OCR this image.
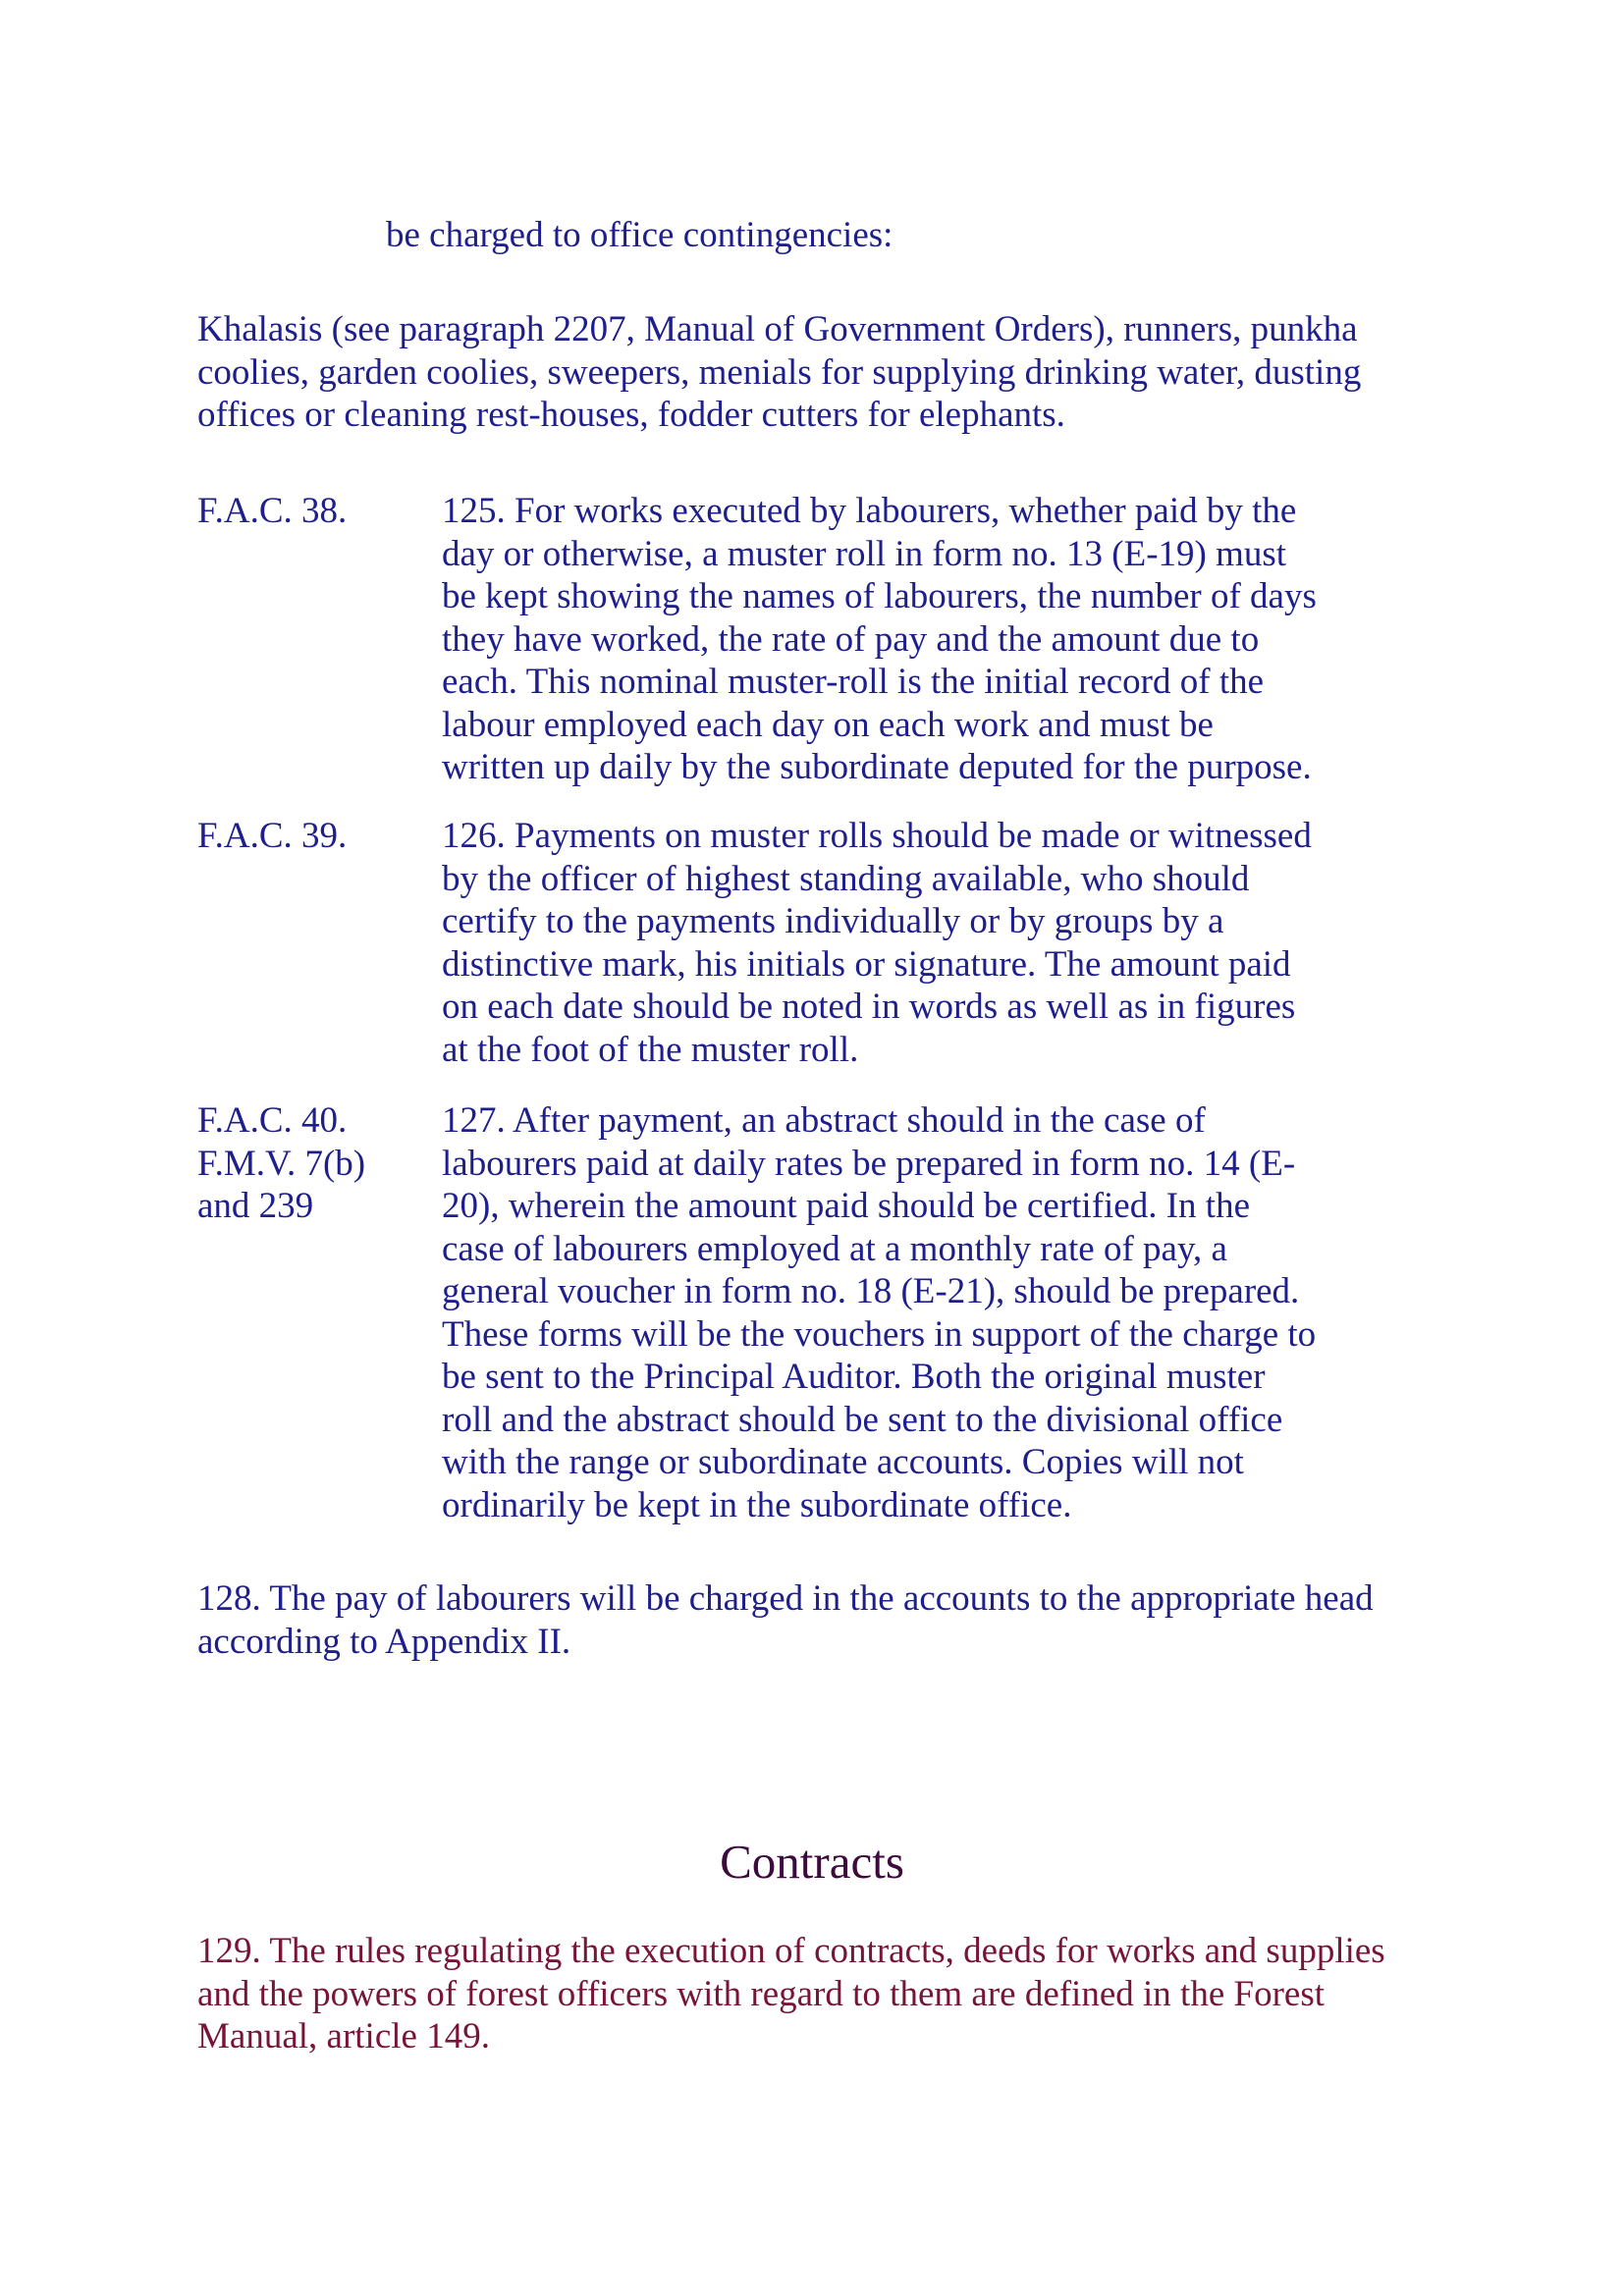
be charged to office contingencies:
Khalasis (see paragraph 2207, Manual of Government Orders), runners, punkha
coolies, garden coolies, sweepers, menials for supplying drinking water, dusting
offices or cleaning rest-houses, fodder cutters for elephants.
F.A.C. 38.	125. For works executed by labourers, whether paid by the
day or otherwise, a muster roll in form no. 13 (E-19) must
be kept showing the names of labourers, the number of days
they have worked, the rate of pay and the amount due to
each. This nominal muster-roll is the initial record of the
labour employed each day on each work and must be
written up daily by the subordinate deputed for the purpose.
F.A.C. 39.	126. Payments on muster rolls should be made or witnessed
by the officer of highest standing available, who should
certify to the payments individually or by groups by a
distinctive mark, his initials or signature. The amount paid
on each date should be noted in words as well as in figures
at the foot of the muster roll.
F.A.C. 40.
F.M.V. 7(b)
and 239
127. After payment, an abstract should in the case of
labourers paid at daily rates be prepared in form no. 14 (E-
20), wherein the amount paid should be certified. In the
case of labourers employed at a monthly rate of pay, a
general voucher in form no. 18 (E-21), should be prepared.
These forms will be the vouchers in support of the charge to
be sent to the Principal Auditor. Both the original muster
roll and the abstract should be sent to the divisional office
with the range or subordinate accounts. Copies will not
ordinarily be kept in the subordinate office.
128. The pay of labourers will be charged in the accounts to the appropriate head
according to Appendix II.
Contracts
129. The rules regulating the execution of contracts, deeds for works and supplies
and the powers of forest officers with regard to them are defined in the Forest
Manual, article 149.
